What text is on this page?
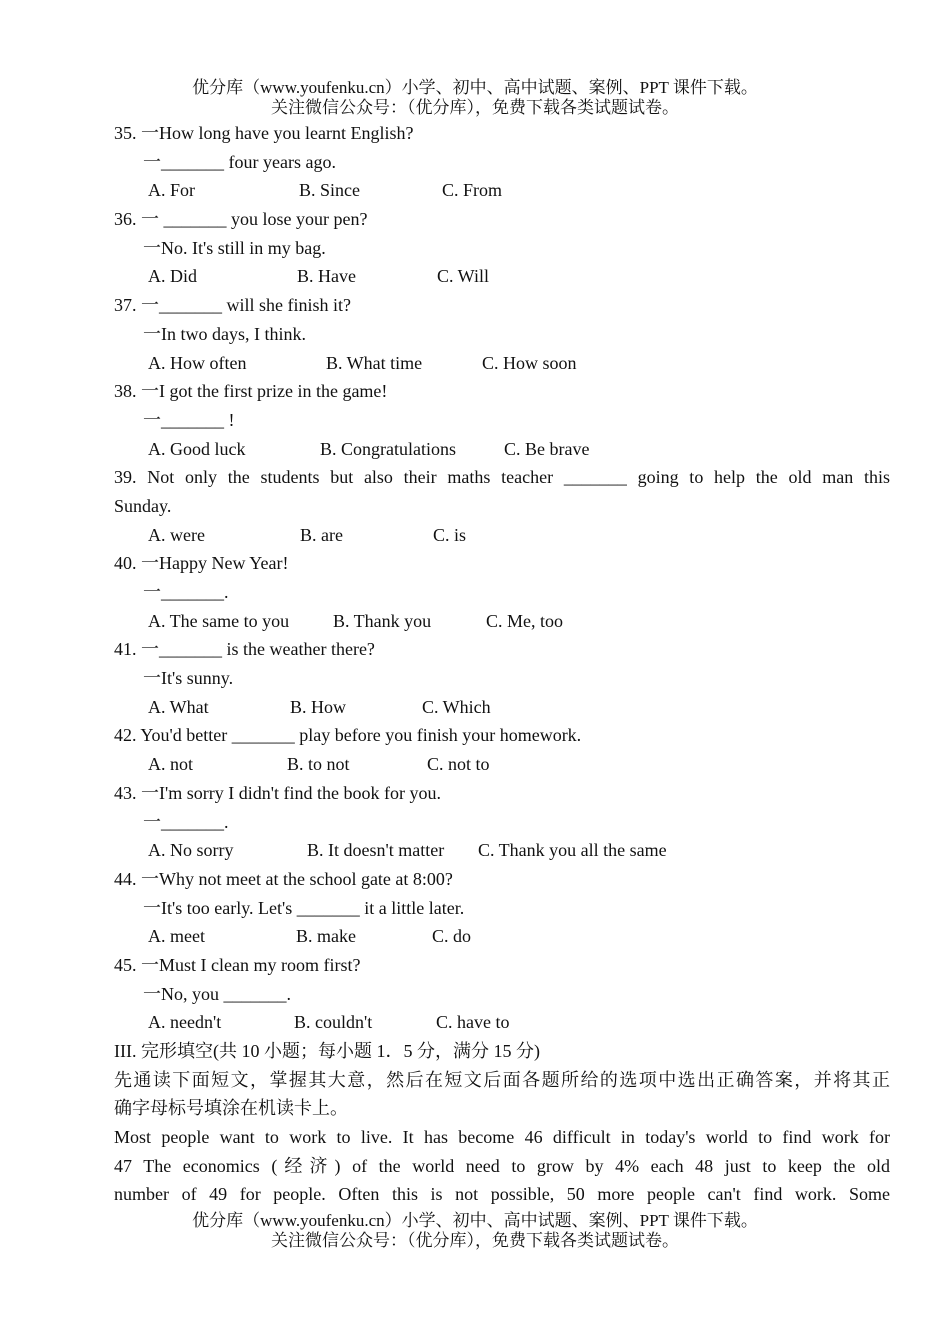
优分库（www.youfenku.cn）小学、初中、高中试题、案例、PPT 课件下载。
关注微信公众号：（优分库），免费下载各类试题试卷。
35. 一How long have you learnt English?
一_______ four years ago.
A. For	B. Since	C. From
36. 一 _______ you lose your pen?
一No. It's still in my bag.
A. Did	B. Have	C. Will
37. 一_______ will she finish it?
一In two days, I think.
A. How often	B. What time	C. How soon
38. 一I got the first prize in the game!
一_______ !
A. Good luck	B. Congratulations	C. Be brave
39. Not only the students but also their maths teacher _______ going to help the old man this
Sunday.
A. were	B. are	C. is
40. 一Happy New Year!
一_______.
A. The same to you B. Thank you	C. Me, too
41. 一_______ is the weather there?
一It's sunny.
A. What	B. How	C. Which
42. You'd better _______ play before you finish your homework.
A. not	B. to not	C. not to
43. 一I'm sorry I didn't find the book for you.
一_______.
A. No sorry	B. It doesn't matter C. Thank you all the same
44. 一Why not meet at the school gate at 8:00?
一It's too early. Let's _______ it a little later.
A. meet	B. make	C. do
45. 一Must I clean my room first?
一No, you _______.
A. needn't	B. couldn't	C. have to
III. 完形填空(共 10 小题；每小题 1．5 分，满分 15 分)
先通读下面短文，掌握其大意，然后在短文后面各题所给的选项中选出正确答案，并将其正
确字母标号填涂在机读卡上。
Most people want to work to live. It has become 46 difficult in today's world to find work for
47 The economics (经济) of the world need to grow by 4% each 48 just to keep the old
number of 49 for people. Often this is not possible, 50 more people can't find work. Some
优分库（www.youfenku.cn）小学、初中、高中试题、案例、PPT 课件下载。
关注微信公众号：（优分库），免费下载各类试题试卷。
